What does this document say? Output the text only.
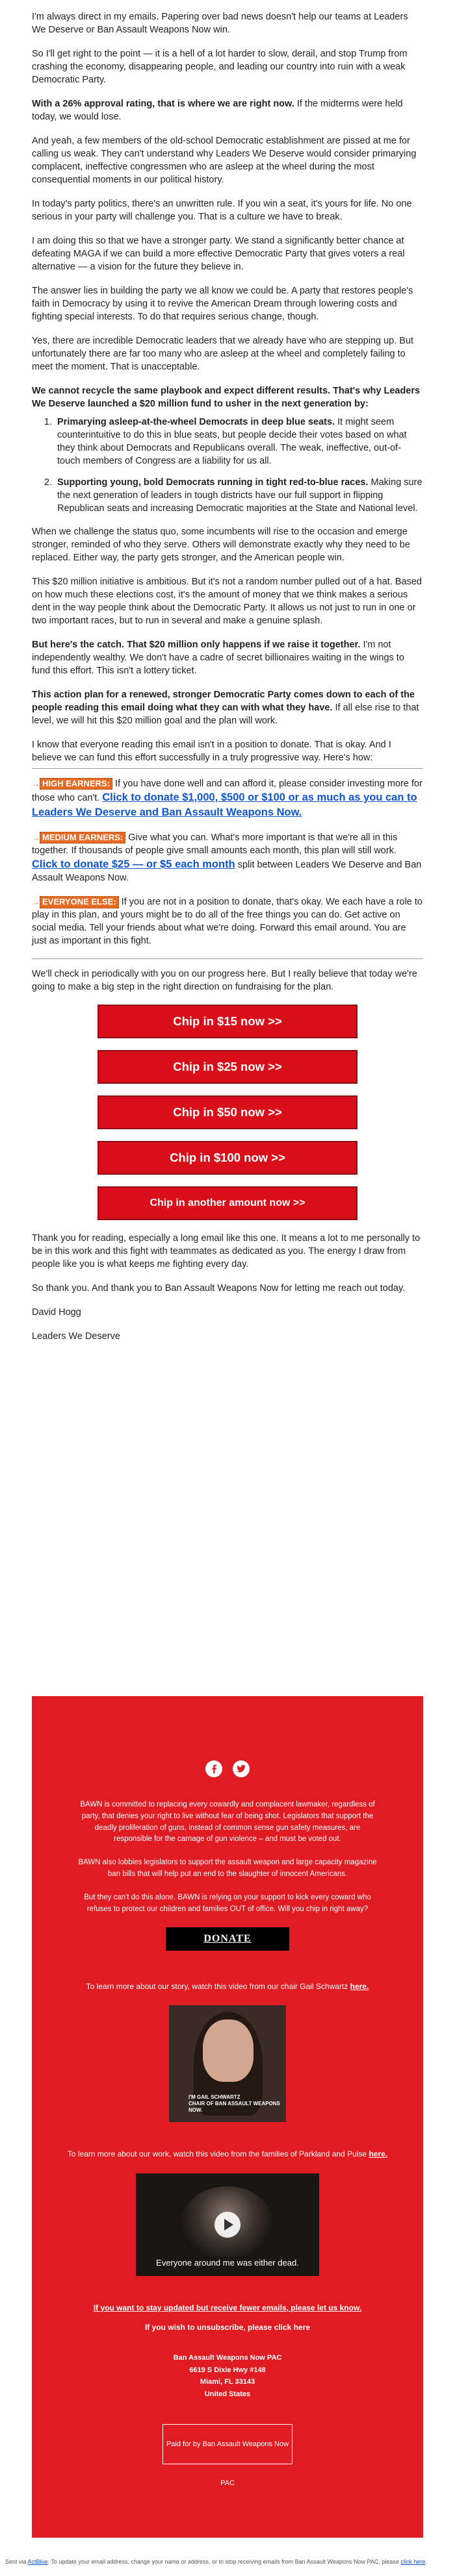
I'm always direct in my emails. Papering over bad news doesn't help our teams at Leaders We Deserve or Ban Assault Weapons Now win.

So I'll get right to the point — it is a hell of a lot harder to slow, derail, and stop Trump from crashing the economy, disappearing people, and leading our country into ruin with a weak Democratic Party.

With a 26% approval rating, that is where we are right now. If the midterms were held today, we would lose.

And yeah, a few members of the old-school Democratic establishment are pissed at me for calling us weak. They can't understand why Leaders We Deserve would consider primarying complacent, ineffective congressmen who are asleep at the wheel during the most consequential moments in our political history.

In today's party politics, there's an unwritten rule. If you win a seat, it's yours for life. No one serious in your party will challenge you. That is a culture we have to break.

I am doing this so that we have a stronger party. We stand a significantly better chance at defeating MAGA if we can build a more effective Democratic Party that gives voters a real alternative — a vision for the future they believe in.

The answer lies in building the party we all know we could be. A party that restores people's faith in Democracy by using it to revive the American Dream through lowering costs and fighting special interests. To do that requires serious change, though.

Yes, there are incredible Democratic leaders that we already have who are stepping up. But unfortunately there are far too many who are asleep at the wheel and completely failing to meet the moment. That is unacceptable.

We cannot recycle the same playbook and expect different results. That's why Leaders We Deserve launched a $20 million fund to usher in the next generation by:

1. Primarying asleep-at-the-wheel Democrats in deep blue seats. It might seem counterintuitive to do this in blue seats, but people decide their votes based on what they think about Democrats and Republicans overall. The weak, ineffective, out-of-touch members of Congress are a liability for us all.
2. Supporting young, bold Democrats running in tight red-to-blue races. Making sure the next generation of leaders in tough districts have our full support in flipping Republican seats and increasing Democratic majorities at the State and National level.

When we challenge the status quo, some incumbents will rise to the occasion and emerge stronger, reminded of who they serve. Others will demonstrate exactly why they need to be replaced. Either way, the party gets stronger, and the American people win.

This $20 million initiative is ambitious. But it's not a random number pulled out of a hat. Based on how much these elections cost, it's the amount of money that we think makes a serious dent in the way people think about the Democratic Party. It allows us not just to run in one or two important races, but to run in several and make a genuine splash.

But here's the catch. That $20 million only happens if we raise it together. I'm not independently wealthy. We don't have a cadre of secret billionaires waiting in the wings to fund this effort. This isn't a lottery ticket.

This action plan for a renewed, stronger Democratic Party comes down to each of the people reading this email doing what they can with what they have. If all else rise to that level, we will hit this $20 million goal and the plan will work.

I know that everyone reading this email isn't in a position to donate. That is okay. And I believe we can fund this effort successfully in a truly progressive way. Here's how:

→ HIGH EARNERS: If you have done well and can afford it, please consider investing more for those who can't. Click to donate $1,000, $500 or $100 or as much as you can to Leaders We Deserve and Ban Assault Weapons Now.

→ MEDIUM EARNERS: Give what you can. What's more important is that we're all in this together. If thousands of people give small amounts each month, this plan will still work. Click to donate $25 — or $5 each month split between Leaders We Deserve and Ban Assault Weapons Now.

→ EVERYONE ELSE: If you are not in a position to donate, that's okay. We each have a role to play in this plan, and yours might be to do all of the free things you can do. Get active on social media. Tell your friends about what we're doing. Forward this email around. You are just as important in this fight.

We'll check in periodically with you on our progress here. But I really believe that today we're going to make a big step in the right direction on fundraising for the plan.

Chip in $15 now >>
Chip in $25 now >>
Chip in $50 now >>
Chip in $100 now >>
Chip in another amount now >>

Thank you for reading, especially a long email like this one. It means a lot to me personally to be in this work and this fight with teammates as dedicated as you. The energy I draw from people like you is what keeps me fighting every day.

So thank you. And thank you to Ban Assault Weapons Now for letting me reach out today.

David Hogg

Leaders We Deserve

BAWN is committed to replacing every cowardly and complacent lawmaker, regardless of party, that denies your right to live without fear of being shot. Legislators that support the deadly proliferation of guns, instead of common sense gun safety measures, are responsible for the carnage of gun violence – and must be voted out.

BAWN also lobbies legislators to support the assault weapon and large capacity magazine ban bills that will help put an end to the slaughter of innocent Americans.

But they can't do this alone. BAWN is relying on your support to kick every coward who refuses to protect our children and families OUT of office. Will you chip in right away?

DONATE
To learn more about our story, watch this video from our chair Gail Schwartz here.
I'M GAIL SCHWARTZ
CHAIR OF BAN ASSAULT WEAPONS NOW.
To learn more about our work, watch this video from the families of Parkland and Pulse here.
Everyone around me was either dead.
If you want to stay updated but receive fewer emails, please let us know.
If you wish to unsubscribe, please click here
Ban Assault Weapons Now PAC
6619 S Dixie Hwy #148
Miami, FL 33143
United States
Paid for by Ban Assault Weapons Now PAC
Sent via ActBlue. To update your email address, change your name or address, or to stop receiving emails from Ban Assault Weapons Now PAC, please click here.
